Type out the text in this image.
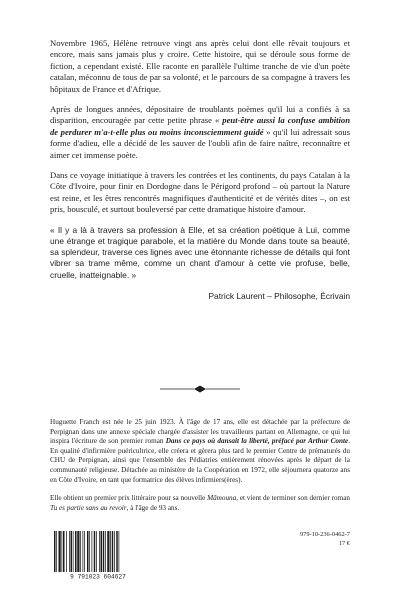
Novembre 1965, Hélène retrouve vingt ans après celui dont elle rêvait toujours et encore, mais sans jamais plus y croire. Cette histoire, qui se déroule sous forme de fiction, a cependant existé. Elle raconte en parallèle l'ultime tranche de vie d'un poète catalan, méconnu de tous de par sa volonté, et le parcours de sa compagne à travers les hôpitaux de France et d'Afrique.

Après de longues années, dépositaire de troublants poèmes qu'il lui a confiés à sa disparition, encouragée par cette petite phrase « peut-être aussi la confuse ambition de perdurer m'a-t-elle plus ou moins inconsciemment guidé » qu'il lui adressait sous forme d'adieu, elle a décidé de les sauver de l'oubli afin de faire naître, reconnaître et aimer cet immense poète.

Dans ce voyage initiatique à travers les contrées et les continents, du pays Catalan à la Côte d'Ivoire, pour finir en Dordogne dans le Périgord profond – où partout la Nature est reine, et les êtres rencontrés magnifiques d'authenticité et de vérités dites –, on est pris, bousculé, et surtout bouleversé par cette dramatique histoire d'amour.

« Il y a là à travers sa profession à Elle, et sa création poétique à Lui, comme une étrange et tragique parabole, et la matière du Monde dans toute sa beauté, sa splendeur, traverse ces lignes avec une étonnante richesse de détails qui font vibrer sa trame même, comme un chant d'amour à cette vie profuse, belle, cruelle, inatteignable. »

Patrick Laurent – Philosophe, Écrivain

Huguette Franch est née le 25 juin 1923. À l'âge de 17 ans, elle est détachée par la préfecture de Perpignan dans une annexe spéciale chargée d'assister les travailleurs partant en Allemagne, ce qui lui inspira l'écriture de son premier roman Dans ce pays où dansait la liberté, préfacé par Arthur Conte. En qualité d'infirmière puéricultrice, elle créera et gèrera plus tard le premier Centre de prématurés du CHU de Perpignan, ainsi que l'ensemble des Pédiatries entièrement rénovées après le départ de la communauté religieuse. Détachée au ministère de la Coopération en 1972, elle séjournera quatorze ans en Côte d'Ivoire, en tant que formatrice des élèves infirmiers(ères).

Elle obtient un premier prix littéraire pour sa nouvelle Mâmouna, et vient de terminer son dernier roman Tu es partie sans au revoir, à l'âge de 93 ans.

9 791023 604627
979-10-236-0462-7
17 €
